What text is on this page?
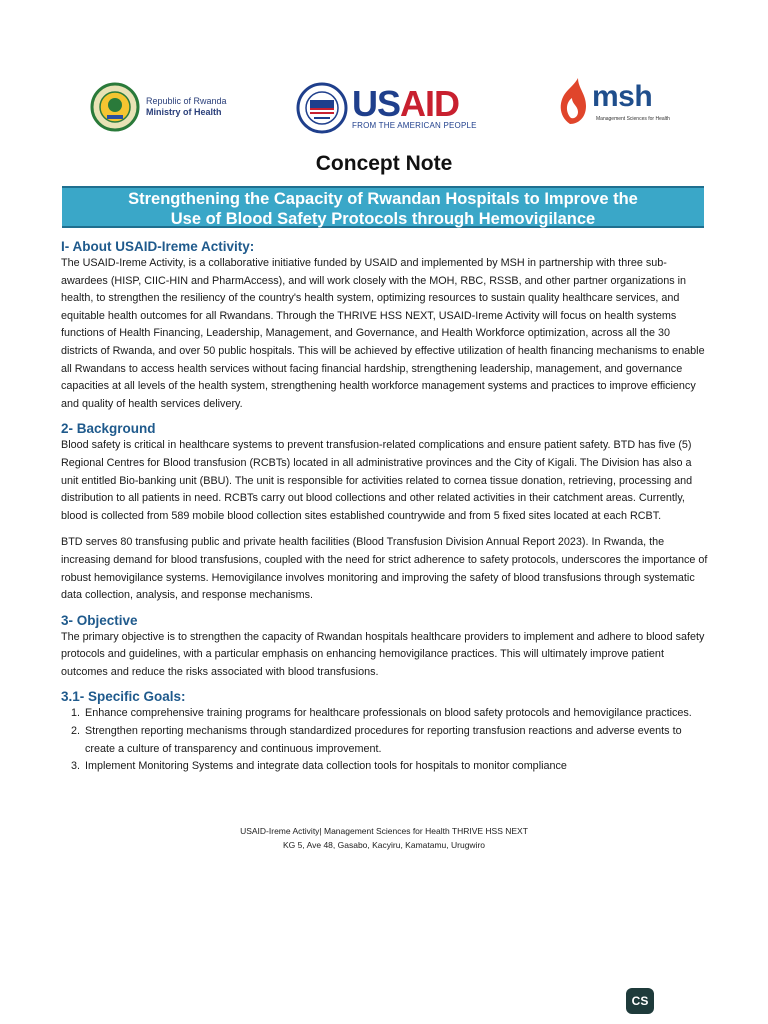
Republic of Rwanda
Ministry of Health	USAID
FROM THE AMERICAN PEOPLE
msh
Management Sciences for Health
Concept Note
Strengthening the Capacity of Rwandan Hospitals to Improve the
Use of Blood Safety Protocols through Hemovigilance
I- About USAID-Ireme Activity:

The USAID-Ireme Activity, is a collaborative initiative funded by USAID and implemented by MSH in partnership with three sub-awardees (HISP, CIIC-HIN and PharmAccess), and will work closely with the MOH, RBC, RSSB, and other partner organizations in health, to strengthen the resiliency of the country's health system, optimizing resources to sustain quality healthcare services, and equitable health outcomes for all Rwandans. Through the THRIVE HSS NEXT, USAID-Ireme Activity will focus on health systems functions of Health Financing, Leadership, Management, and Governance, and Health Workforce optimization, across all the 30 districts of Rwanda, and over 50 public hospitals. This will be achieved by effective utilization of health financing mechanisms to enable all Rwandans to access health services without facing financial hardship, strengthening leadership, management, and governance capacities at all levels of the health system, strengthening health workforce management systems and practices to improve efficiency and quality of health services delivery.

2- Background

Blood safety is critical in healthcare systems to prevent transfusion-related complications and ensure patient safety. BTD has five (5) Regional Centres for Blood transfusion (RCBTs) located in all administrative provinces and the City of Kigali. The Division has also a unit entitled Bio-banking unit (BBU). The unit is responsible for activities related to cornea tissue donation, retrieving, processing and distribution to all patients in need. RCBTs carry out blood collections and other related activities in their catchment areas. Currently, blood is collected from 589 mobile blood collection sites established countrywide and from 5 fixed sites located at each RCBT.

BTD serves 80 transfusing public and private health facilities (Blood Transfusion Division Annual Report 2023). In Rwanda, the increasing demand for blood transfusions, coupled with the need for strict adherence to safety protocols, underscores the importance of robust hemovigilance systems. Hemovigilance involves monitoring and improving the safety of blood transfusions through systematic data collection, analysis, and response mechanisms.

3- Objective

The primary objective is to strengthen the capacity of Rwandan hospitals healthcare providers to implement and adhere to blood safety protocols and guidelines, with a particular emphasis on enhancing hemovigilance practices. This will ultimately improve patient outcomes and reduce the risks associated with blood transfusions.

3.1- Specific Goals:
1. Enhance comprehensive training programs for healthcare professionals on blood safety protocols and hemovigilance practices.
2. Strengthen reporting mechanisms through standardized procedures for reporting transfusion reactions and adverse events to create a culture of transparency and continuous improvement.
3. Implement Monitoring Systems and integrate data collection tools for hospitals to monitor compliance
USAID-Ireme Activity| Management Sciences for Health THRIVE HSS NEXT
KG 5, Ave 48, Gasabo, Kacyiru, Kamatamu, Urugwiro
CS
